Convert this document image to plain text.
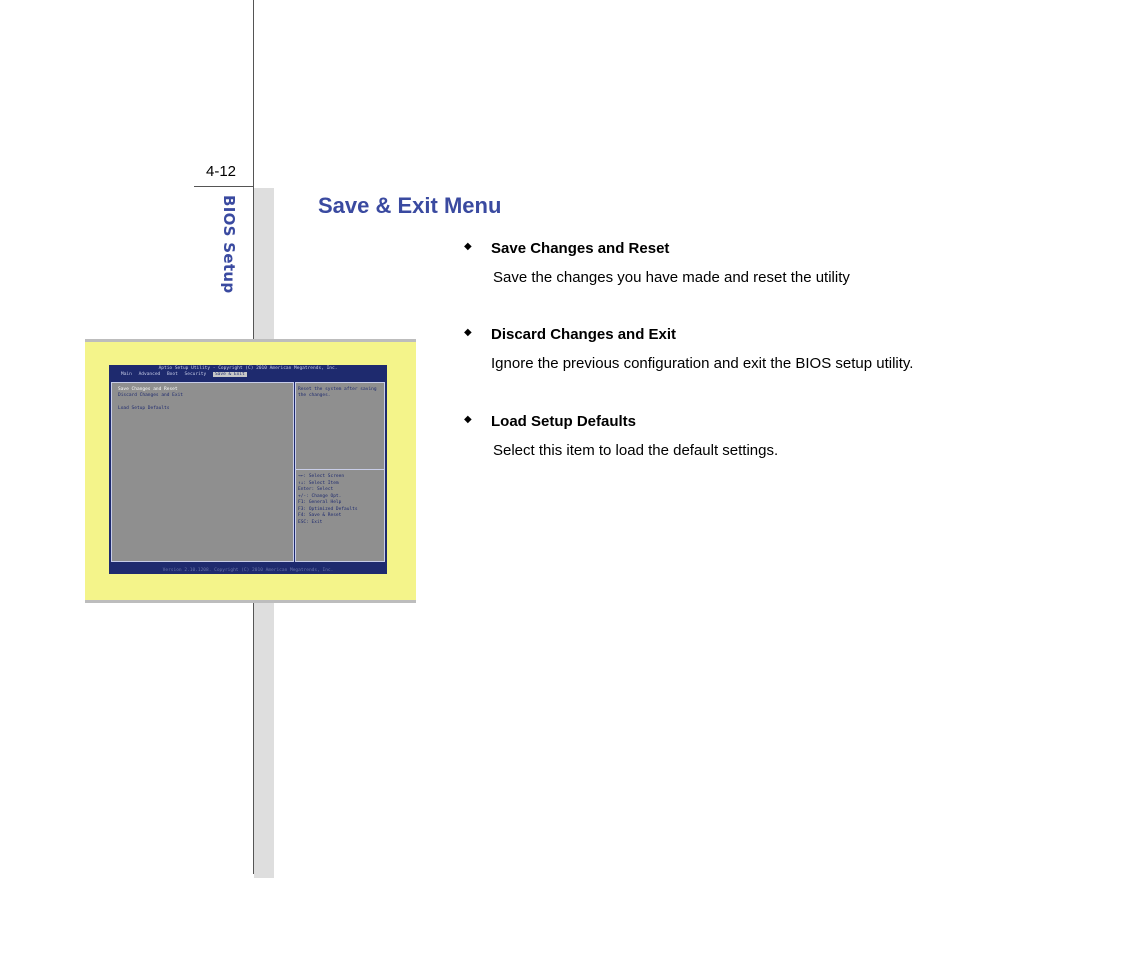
4-12
BIOS Setup	Save & Exit Menu
◆ Save Changes and Reset
Save the changes you have made and reset the utility
◆ Discard Changes and Exit
Ignore the previous configuration and exit the BIOS setup utility.
◆ Load Setup Defaults
Select this item to load the default settings.
Aptio Setup Utility - Copyright (C) 2010 American Megatrends, Inc.
Main Advanced Boot Security Save & Exit
Save Changes and Reset
Discard Changes and Exit
Load Setup Defaults
Reset the system after saving
the changes.
→←: Select Screen
↑↓: Select Item
Enter: Select
+/-: Change Opt.
F1: General Help
F3: Optimized Defaults
F4: Save & Reset
ESC: Exit
Version 2.10.1208. Copyright (C) 2010 American Megatrends, Inc.
